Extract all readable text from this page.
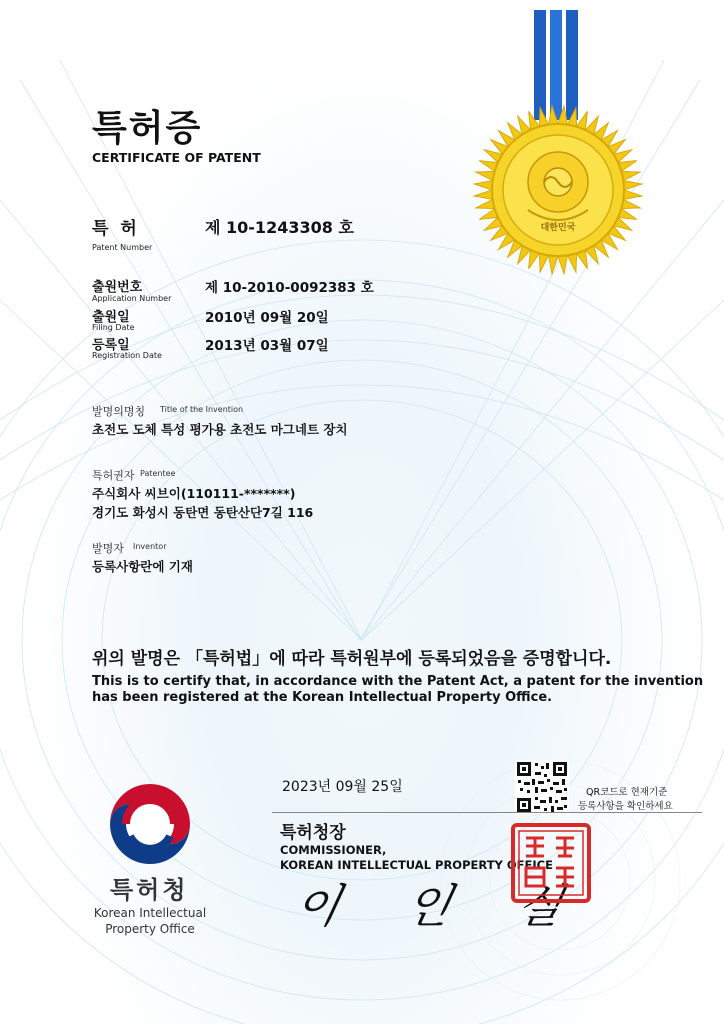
대한민국
특허증
CERTIFICATE OF PATENT
특 허
Patent Number
제 10-1243308 호
출원번호
Application Number
제 10-2010-0092383 호
출원일
Filing Date
2010년 09월 20일
등록일
Registration Date
2013년 03월 07일
발명의명칭 Title of the Invention
초전도 도체 특성 평가용 초전도 마그네트 장치
특허권자 Patentee
주식회사 씨브이(110111-*******)
경기도 화성시 동탄면 동탄산단7길 116
발명자 Inventor
등록사항란에 기재
위의 발명은 「특허법」에 따라 특허원부에 등록되었음을 증명합니다.
This is to certify that, in accordance with the Patent Act, a patent for the invention
has been registered at the Korean Intellectual Property Office.
특허청
Korean Intellectual
Property Office
2023년 09월 25일	QR코드로 현재기준
등록사항을 확인하세요
특허청장
COMMISSIONER,
KOREAN INTELLECTUAL PROPERTY OFFICE
이 인 실
